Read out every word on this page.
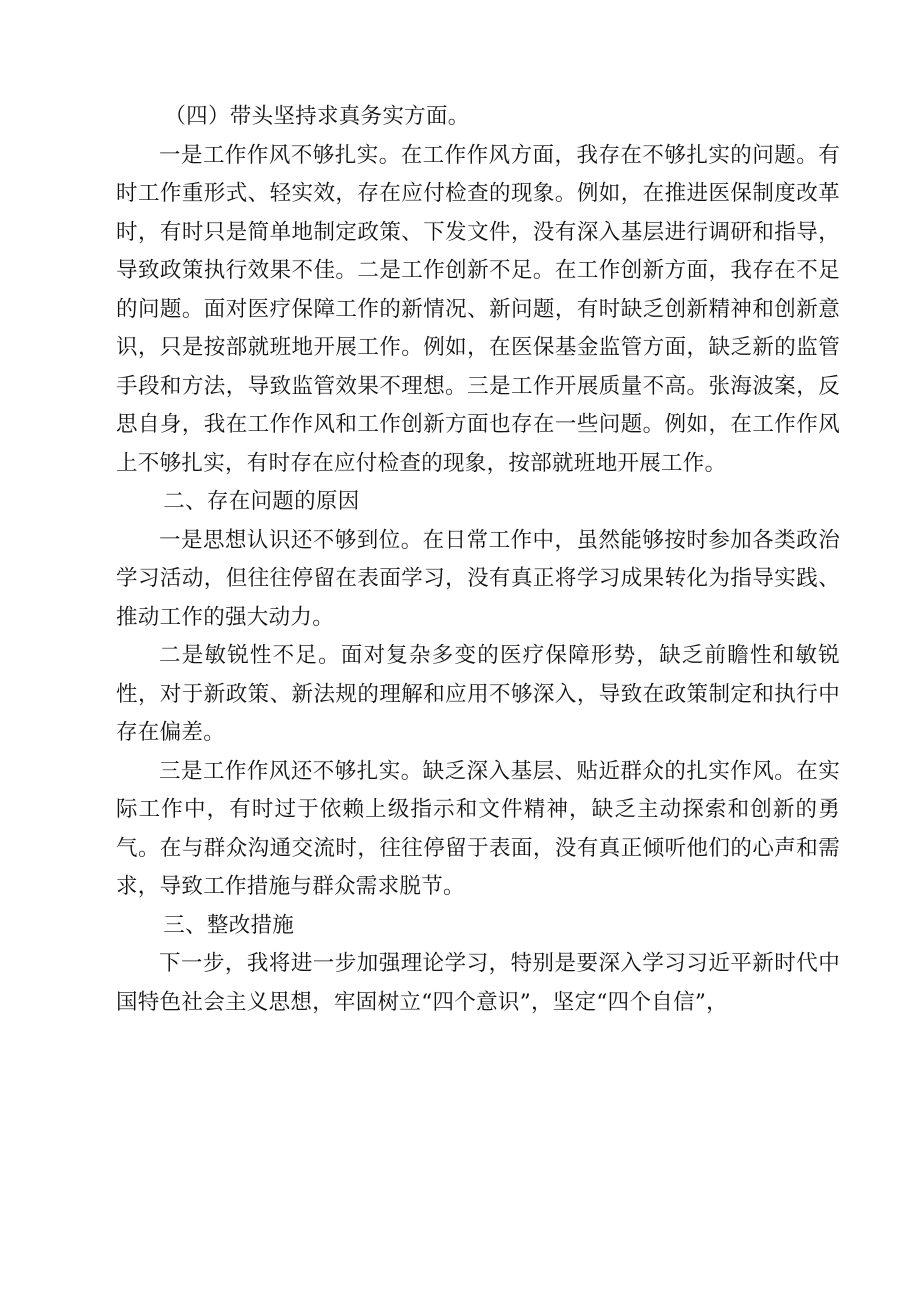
（四）带头坚持求真务实方面。

一是工作作风不够扎实。在工作作风方面，我存在不够扎实的问题。有时工作重形式、轻实效，存在应付检查的现象。例如，在推进医保制度改革时，有时只是简单地制定政策、下发文件，没有深入基层进行调研和指导，导致政策执行效果不佳。二是工作创新不足。在工作创新方面，我存在不足的问题。面对医疗保障工作的新情况、新问题，有时缺乏创新精神和创新意识，只是按部就班地开展工作。例如，在医保基金监管方面，缺乏新的监管手段和方法，导致监管效果不理想。三是工作开展质量不高。张海波案，反思自身，我在工作作风和工作创新方面也存在一些问题。例如，在工作作风上不够扎实，有时存在应付检查的现象，按部就班地开展工作。

二、存在问题的原因

一是思想认识还不够到位。在日常工作中，虽然能够按时参加各类政治学习活动，但往往停留在表面学习，没有真正将学习成果转化为指导实践、推动工作的强大动力。

二是敏锐性不足。面对复杂多变的医疗保障形势，缺乏前瞻性和敏锐性，对于新政策、新法规的理解和应用不够深入，导致在政策制定和执行中存在偏差。

三是工作作风还不够扎实。缺乏深入基层、贴近群众的扎实作风。在实际工作中，有时过于依赖上级指示和文件精神，缺乏主动探索和创新的勇气。在与群众沟通交流时，往往停留于表面，没有真正倾听他们的心声和需求，导致工作措施与群众需求脱节。

三、整改措施

下一步，我将进一步加强理论学习，特别是要深入学习习近平新时代中国特色社会主义思想，牢固树立“四个意识”，坚定“四个自信”，
